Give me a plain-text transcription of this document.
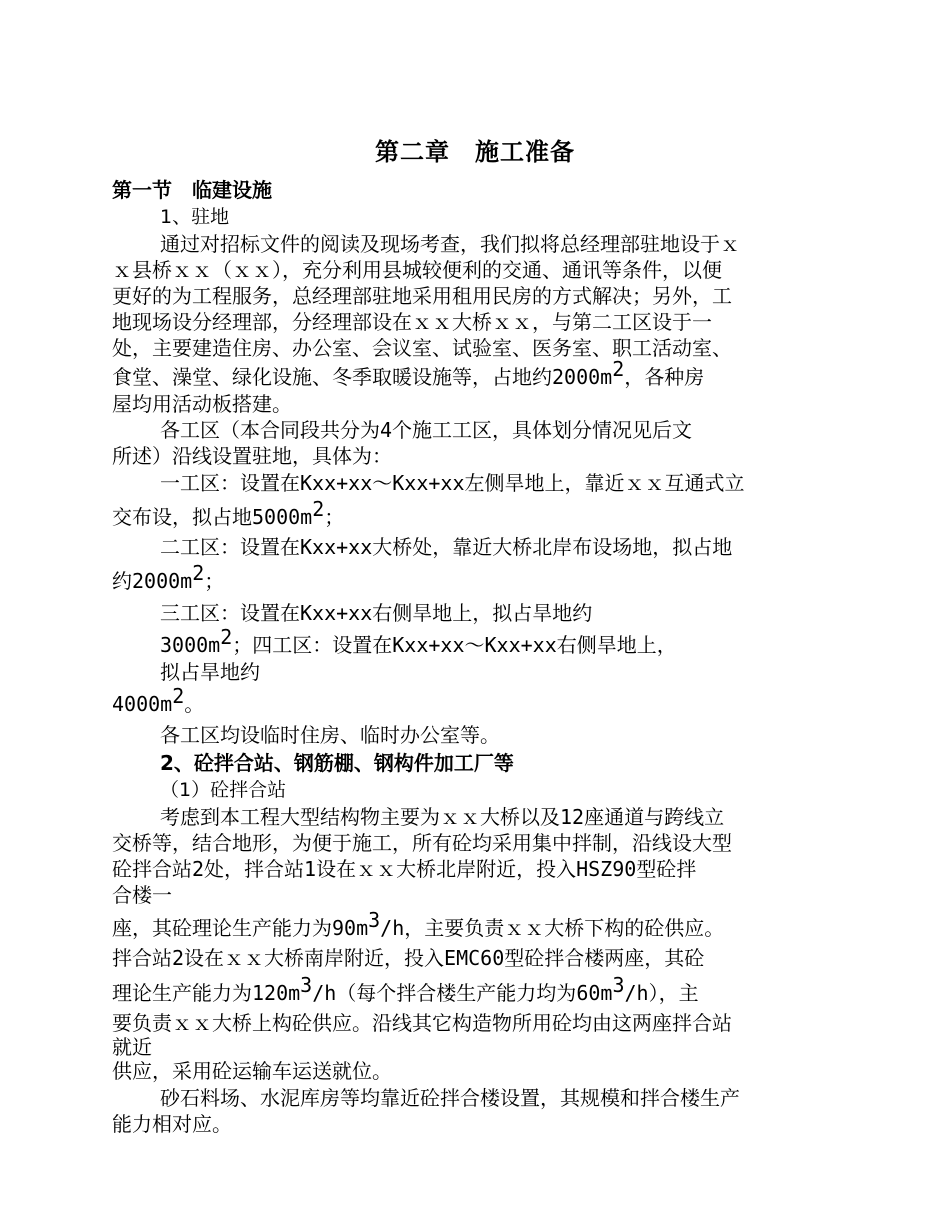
第二章　施工准备
第一节　临建设施
1、驻地
通过对招标文件的阅读及现场考查，我们拟将总经理部驻地设于ｘ
ｘ县桥ｘｘ（ｘｘ），充分利用县城较便利的交通、通讯等条件，以便
更好的为工程服务，总经理部驻地采用租用民房的方式解决；另外，工
地现场设分经理部，分经理部设在ｘｘ大桥ｘｘ，与第二工区设于一
处，主要建造住房、办公室、会议室、试验室、医务室、职工活动室、
食堂、澡堂、绿化设施、冬季取暖设施等，占地约$2000m^2$，各种房
屋均用活动板搭建。
各工区（本合同段共分为4个施工工区，具体划分情况见后文
所述）沿线设置驻地，具体为：
一工区：设置在Kxx+xx～Kxx+xx左侧旱地上，靠近ｘｘ互通式立
交布设，拟占地$5000m^2$；
二工区：设置在Kxx+xx大桥处，靠近大桥北岸布设场地，拟占地
约$2000m^2$；
三工区：设置在Kxx+xx右侧旱地上，拟占旱地约
$3000m^2$；四工区：设置在Kxx+xx～Kxx+xx右侧旱地上，
拟占旱地约
$4000m^2$。
各工区均设临时住房、临时办公室等。
2、砼拌合站、钢筋棚、钢构件加工厂等
（1）砼拌合站
考虑到本工程大型结构物主要为ｘｘ大桥以及12座通道与跨线立
交桥等，结合地形，为便于施工，所有砼均采用集中拌制，沿线设大型
砼拌合站2处，拌合站1设在ｘｘ大桥北岸附近，投入HSZ90型砼拌
合楼一
座，其砼理论生产能力为$90m^3/h$，主要负责ｘｘ大桥下构的砼供应。
拌合站2设在ｘｘ大桥南岸附近，投入EMC60型砼拌合楼两座，其砼
理论生产能力为$120m^3/h$（每个拌合楼生产能力均为$60m^3/h$），主
要负责ｘｘ大桥上构砼供应。沿线其它构造物所用砼均由这两座拌合站
就近
供应，采用砼运输车运送就位。
砂石料场、水泥库房等均靠近砼拌合楼设置，其规模和拌合楼生产
能力相对应。
